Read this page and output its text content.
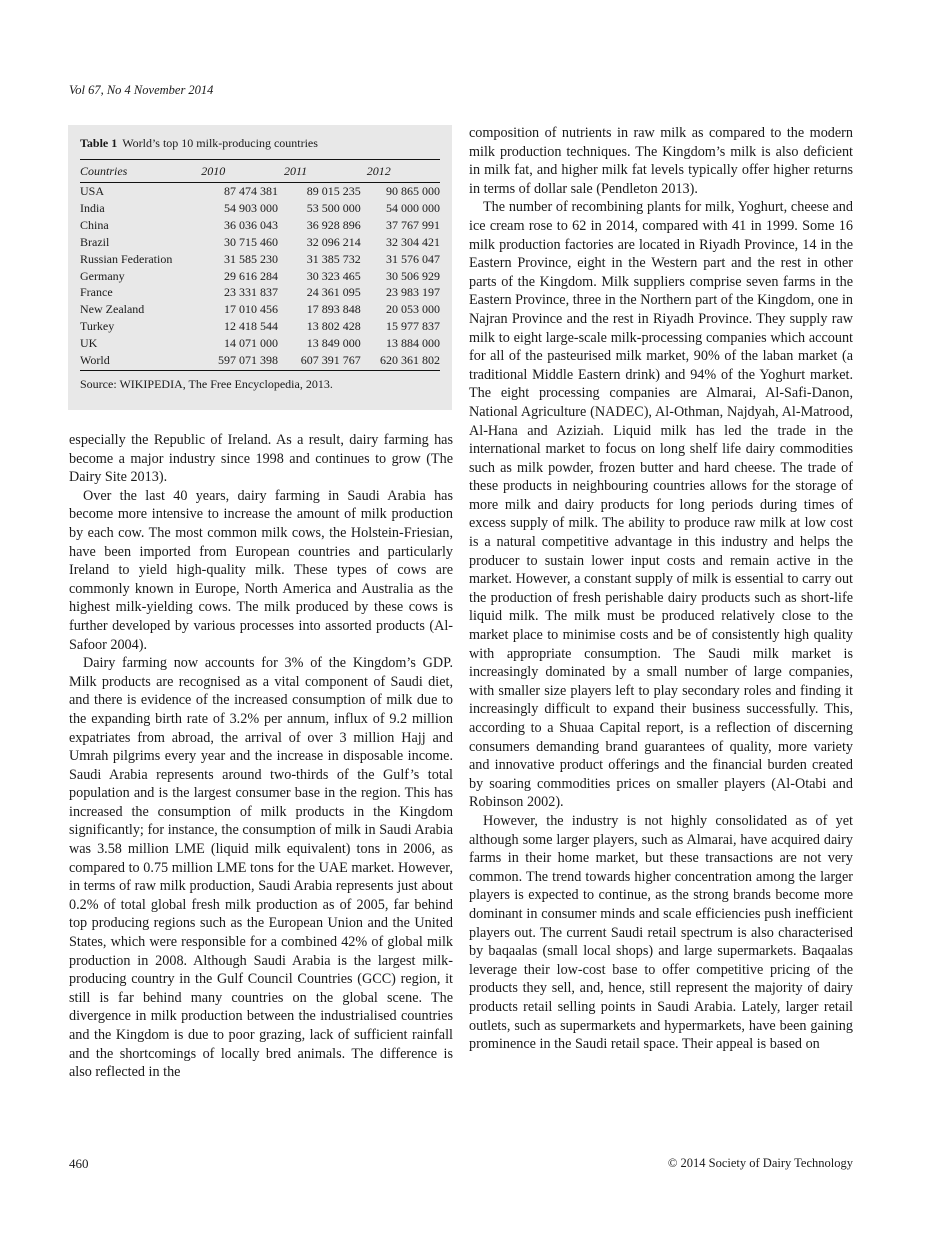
Vol 67, No 4 November 2014
Table 1 World’s top 10 milk-producing countries
Countries	2010	2011	2012
USA	87 474 381	89 015 235	90 865 000
India	54 903 000	53 500 000	54 000 000
China	36 036 043	36 928 896	37 767 991
Brazil	30 715 460	32 096 214	32 304 421
Russian Federation	31 585 230	31 385 732	31 576 047
Germany	29 616 284	30 323 465	30 506 929
France	23 331 837	24 361 095	23 983 197
New Zealand	17 010 456	17 893 848	20 053 000
Turkey	12 418 544	13 802 428	15 977 837
UK	14 071 000	13 849 000	13 884 000
World	597 071 398	607 391 767	620 361 802
Source: WIKIPEDIA, The Free Encyclopedia, 2013.

especially the Republic of Ireland. As a result, dairy farming has become a major industry since 1998 and continues to grow (The Dairy Site 2013).

Over the last 40 years, dairy farming in Saudi Arabia has become more intensive to increase the amount of milk production by each cow. The most common milk cows, the Holstein-Friesian, have been imported from European countries and particularly Ireland to yield high-quality milk. These types of cows are commonly known in Europe, North America and Australia as the highest milk-yielding cows. The milk produced by these cows is further developed by various processes into assorted products (Al-Safoor 2004).

Dairy farming now accounts for 3% of the Kingdom’s GDP. Milk products are recognised as a vital component of Saudi diet, and there is evidence of the increased consumption of milk due to the expanding birth rate of 3.2% per annum, influx of 9.2 million expatriates from abroad, the arrival of over 3 million Hajj and Umrah pilgrims every year and the increase in disposable income. Saudi Arabia represents around two-thirds of the Gulf’s total population and is the largest consumer base in the region. This has increased the consumption of milk products in the Kingdom significantly; for instance, the consumption of milk in Saudi Arabia was 3.58 million LME (liquid milk equivalent) tons in 2006, as compared to 0.75 million LME tons for the UAE market. However, in terms of raw milk production, Saudi Arabia represents just about 0.2% of total global fresh milk production as of 2005, far behind top producing regions such as the European Union and the United States, which were responsible for a combined 42% of global milk production in 2008. Although Saudi Arabia is the largest milk-producing country in the Gulf Council Countries (GCC) region, it still is far behind many countries on the global scene. The divergence in milk production between the industrialised countries and the Kingdom is due to poor grazing, lack of sufficient rainfall and the shortcomings of locally bred animals. The difference is also reflected in the

composition of nutrients in raw milk as compared to the modern milk production techniques. The Kingdom’s milk is also deficient in milk fat, and higher milk fat levels typically offer higher returns in terms of dollar sale (Pendleton 2013).

The number of recombining plants for milk, Yoghurt, cheese and ice cream rose to 62 in 2014, compared with 41 in 1999. Some 16 milk production factories are located in Riyadh Province, 14 in the Eastern Province, eight in the Western part and the rest in other parts of the Kingdom. Milk suppliers comprise seven farms in the Eastern Province, three in the Northern part of the Kingdom, one in Najran Province and the rest in Riyadh Province. They supply raw milk to eight large-scale milk-processing companies which account for all of the pasteurised milk market, 90% of the laban market (a traditional Middle Eastern drink) and 94% of the Yoghurt market. The eight processing companies are Almarai, Al-Safi-Danon, National Agriculture (NADEC), Al-Othman, Najdyah, Al-Matrood, Al-Hana and Aziziah. Liquid milk has led the trade in the international market to focus on long shelf life dairy commodities such as milk powder, frozen butter and hard cheese. The trade of these products in neighbouring countries allows for the storage of more milk and dairy products for long periods during times of excess supply of milk. The ability to produce raw milk at low cost is a natural competitive advantage in this industry and helps the producer to sustain lower input costs and remain active in the market. However, a constant supply of milk is essential to carry out the production of fresh perishable dairy products such as short-life liquid milk. The milk must be produced relatively close to the market place to minimise costs and be of consistently high quality with appropriate consumption. The Saudi milk market is increasingly dominated by a small number of large companies, with smaller size players left to play secondary roles and finding it increasingly difficult to expand their business successfully. This, according to a Shuaa Capital report, is a reflection of discerning consumers demanding brand guarantees of quality, more variety and innovative product offerings and the financial burden created by soaring commodities prices on smaller players (Al-Otabi and Robinson 2002).

However, the industry is not highly consolidated as of yet although some larger players, such as Almarai, have acquired dairy farms in their home market, but these transactions are not very common. The trend towards higher concentration among the larger players is expected to continue, as the strong brands become more dominant in consumer minds and scale efficiencies push inefficient players out. The current Saudi retail spectrum is also characterised by baqaalas (small local shops) and large supermarkets. Baqaalas leverage their low-cost base to offer competitive pricing of the products they sell, and, hence, still represent the majority of dairy products retail selling points in Saudi Arabia. Lately, larger retail outlets, such as supermarkets and hypermarkets, have been gaining prominence in the Saudi retail space. Their appeal is based on

460	© 2014 Society of Dairy Technology
